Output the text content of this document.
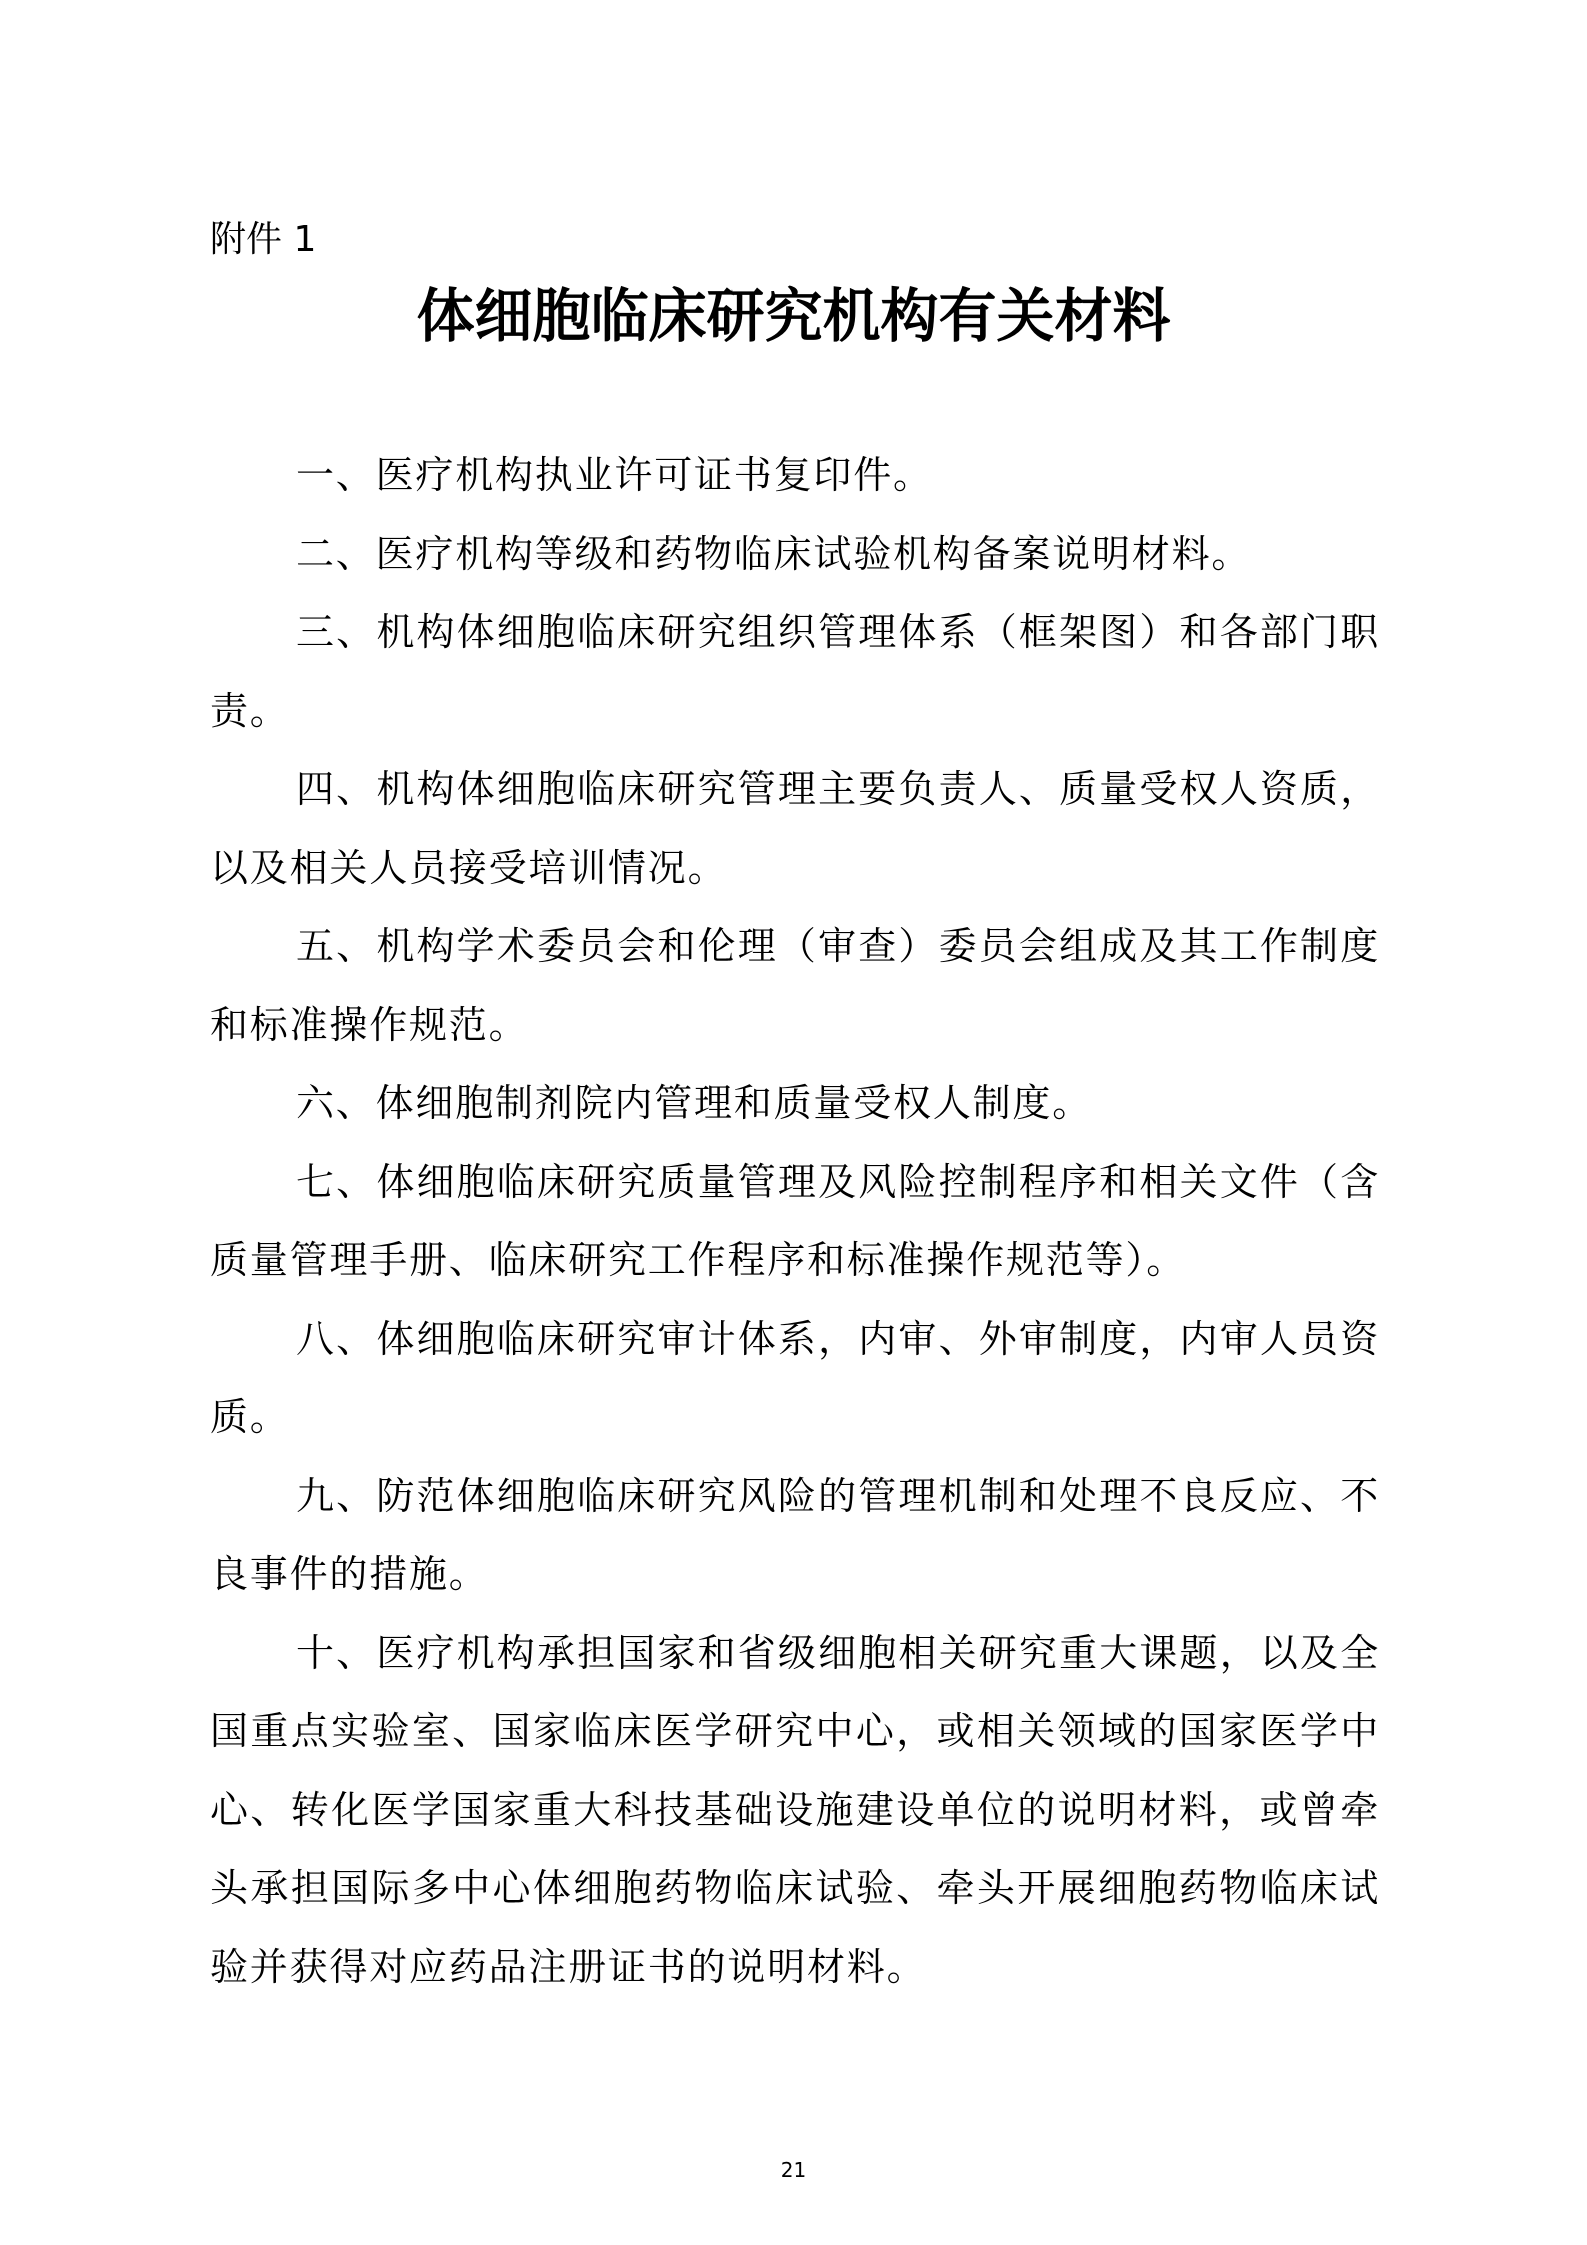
附件 1
体细胞临床研究机构有关材料

一、医疗机构执业许可证书复印件。

二、医疗机构等级和药物临床试验机构备案说明材料。

三、机构体细胞临床研究组织管理体系（框架图）和各部门职责。

四、机构体细胞临床研究管理主要负责人、质量受权人资质，以及相关人员接受培训情况。

五、机构学术委员会和伦理（审查）委员会组成及其工作制度和标准操作规范。

六、体细胞制剂院内管理和质量受权人制度。

七、体细胞临床研究质量管理及风险控制程序和相关文件（含质量管理手册、临床研究工作程序和标准操作规范等）。

八、体细胞临床研究审计体系，内审、外审制度，内审人员资质。

九、防范体细胞临床研究风险的管理机制和处理不良反应、不良事件的措施。

十、医疗机构承担国家和省级细胞相关研究重大课题，以及全国重点实验室、国家临床医学研究中心，或相关领域的国家医学中心、转化医学国家重大科技基础设施建设单位的说明材料，或曾牵头承担国际多中心体细胞药物临床试验、牵头开展细胞药物临床试验并获得对应药品注册证书的说明材料。

21
